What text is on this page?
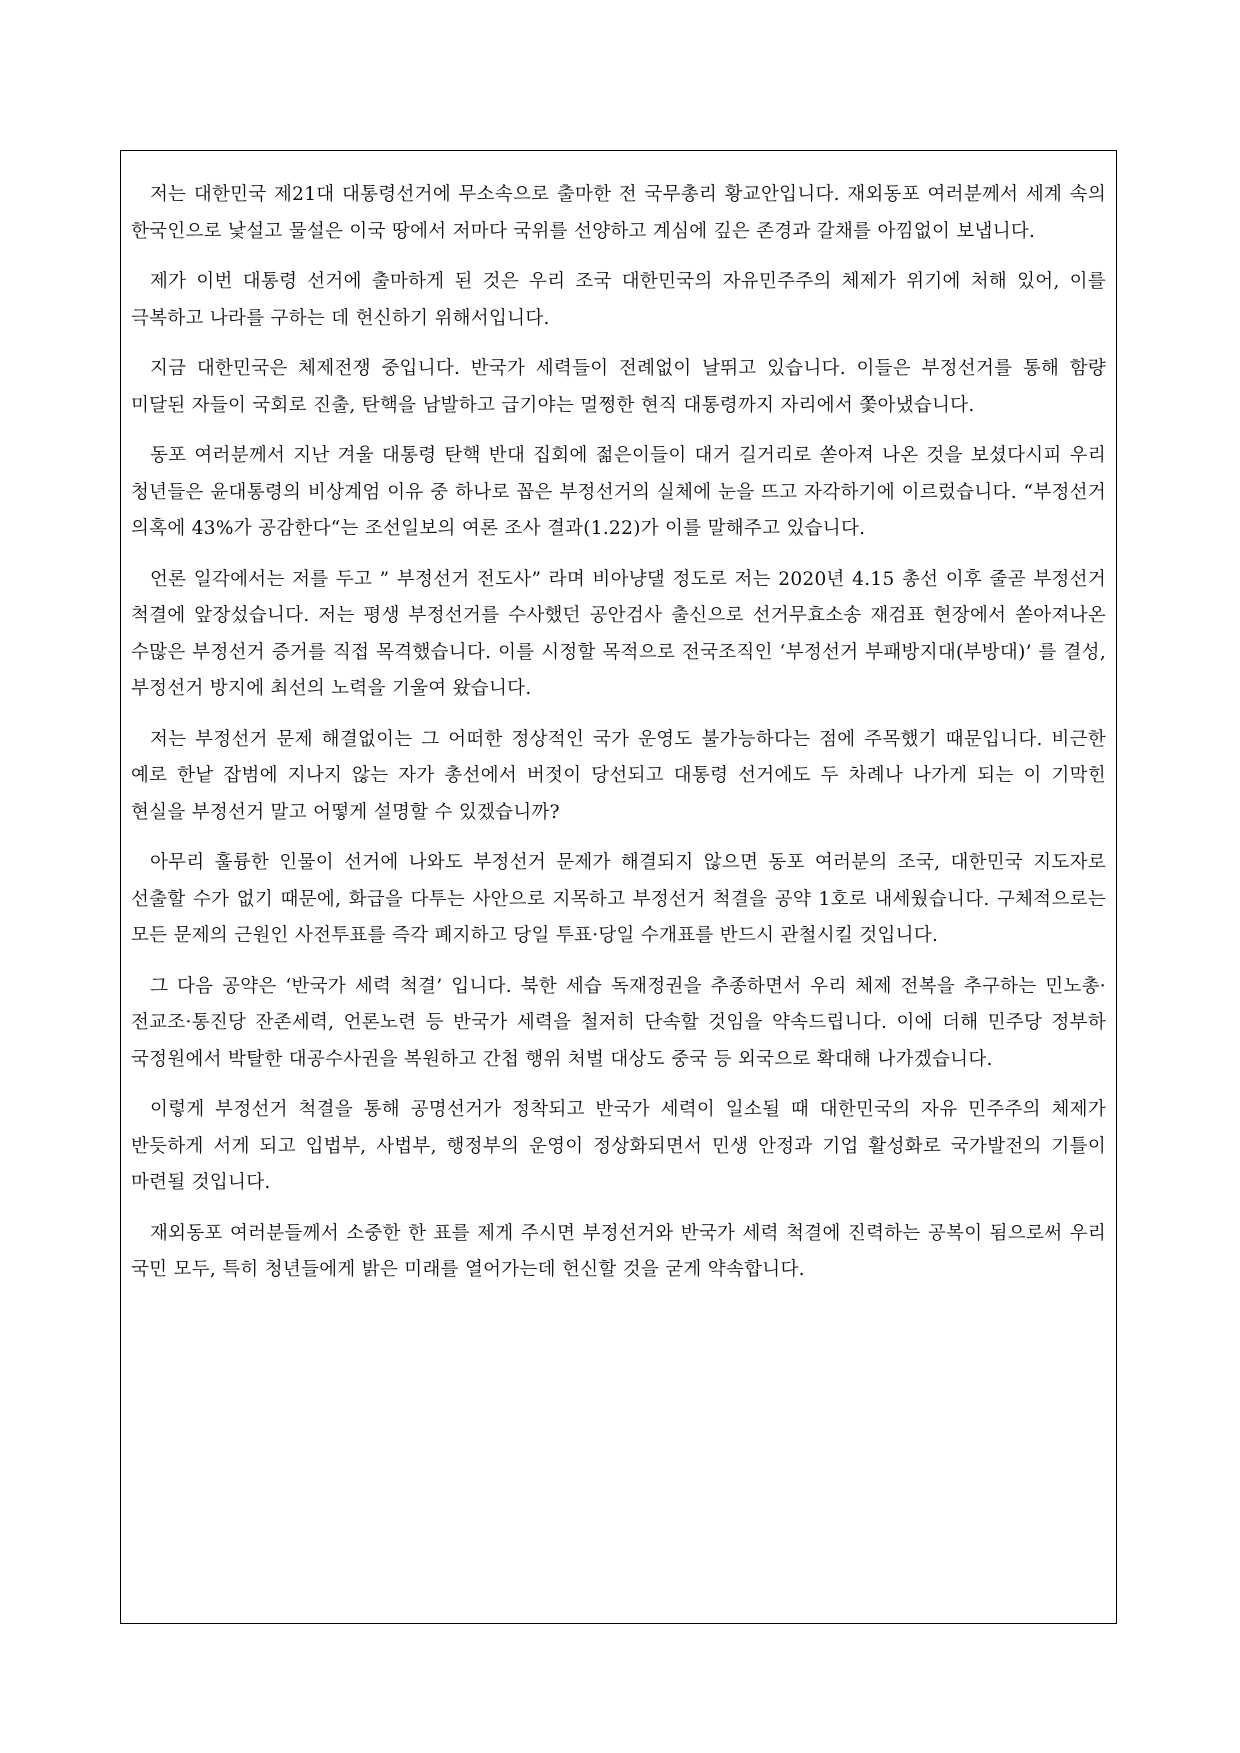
저는 대한민국 제21대 대통령선거에 무소속으로 출마한 전 국무총리 황교안입니다. 재외동포 여러분께서 세계 속의 한국인으로 낯설고 물설은 이국 땅에서 저마다 국위를 선양하고 계심에 깊은 존경과 갈채를 아낌없이 보냅니다.

제가 이번 대통령 선거에 출마하게 된 것은 우리 조국 대한민국의 자유민주주의 체제가 위기에 처해 있어, 이를 극복하고 나라를 구하는 데 헌신하기 위해서입니다.

지금 대한민국은 체제전쟁 중입니다. 반국가 세력들이 전례없이 날뛰고 있습니다. 이들은 부정선거를 통해 함량 미달된 자들이 국회로 진출, 탄핵을 남발하고 급기야는 멀쩡한 현직 대통령까지 자리에서 쫓아냈습니다.

동포 여러분께서 지난 겨울 대통령 탄핵 반대 집회에 젊은이들이 대거 길거리로 쏟아져 나온 것을 보셨다시피 우리 청년들은 윤대통령의 비상계엄 이유 중 하나로 꼽은 부정선거의 실체에 눈을 뜨고 자각하기에 이르렀습니다. “부정선거 의혹에 43%가 공감한다“는 조선일보의 여론 조사 결과(1.22)가 이를 말해주고 있습니다.

언론 일각에서는 저를 두고 ” 부정선거 전도사” 라며 비아냥댈 정도로 저는 2020년 4.15 총선 이후 줄곧 부정선거 척결에 앞장섰습니다. 저는 평생 부정선거를 수사했던 공안검사 출신으로 선거무효소송 재검표 현장에서 쏟아져나온 수많은 부정선거 증거를 직접 목격했습니다. 이를 시정할 목적으로 전국조직인 ‘부정선거 부패방지대(부방대)’ 를 결성, 부정선거 방지에 최선의 노력을 기울여 왔습니다.

저는 부정선거 문제 해결없이는 그 어떠한 정상적인 국가 운영도 불가능하다는 점에 주목했기 때문입니다. 비근한 예로 한낱 잡범에 지나지 않는 자가 총선에서 버젓이 당선되고 대통령 선거에도 두 차례나 나가게 되는 이 기막힌 현실을 부정선거 말고 어떻게 설명할 수 있겠습니까?

아무리 훌륭한 인물이 선거에 나와도 부정선거 문제가 해결되지 않으면 동포 여러분의 조국, 대한민국 지도자로 선출할 수가 없기 때문에, 화급을 다투는 사안으로 지목하고 부정선거 척결을 공약 1호로 내세웠습니다. 구체적으로는 모든 문제의 근원인 사전투표를 즉각 폐지하고 당일 투표·당일 수개표를 반드시 관철시킬 것입니다.

그 다음 공약은 ‘반국가 세력 척결’ 입니다. 북한 세습 독재정권을 추종하면서 우리 체제 전복을 추구하는 민노총·전교조·통진당 잔존세력, 언론노련 등 반국가 세력을 철저히 단속할 것임을 약속드립니다. 이에 더해 민주당 정부하 국정원에서 박탈한 대공수사권을 복원하고 간첩 행위 처벌 대상도 중국 등 외국으로 확대해 나가겠습니다.

이렇게 부정선거 척결을 통해 공명선거가 정착되고 반국가 세력이 일소될 때 대한민국의 자유 민주주의 체제가 반듯하게 서게 되고 입법부, 사법부, 행정부의 운영이 정상화되면서 민생 안정과 기업 활성화로 국가발전의 기틀이 마련될 것입니다.

재외동포 여러분들께서 소중한 한 표를 제게 주시면 부정선거와 반국가 세력 척결에 진력하는 공복이 됨으로써 우리 국민 모두, 특히 청년들에게 밝은 미래를 열어가는데 헌신할 것을 굳게 약속합니다.
